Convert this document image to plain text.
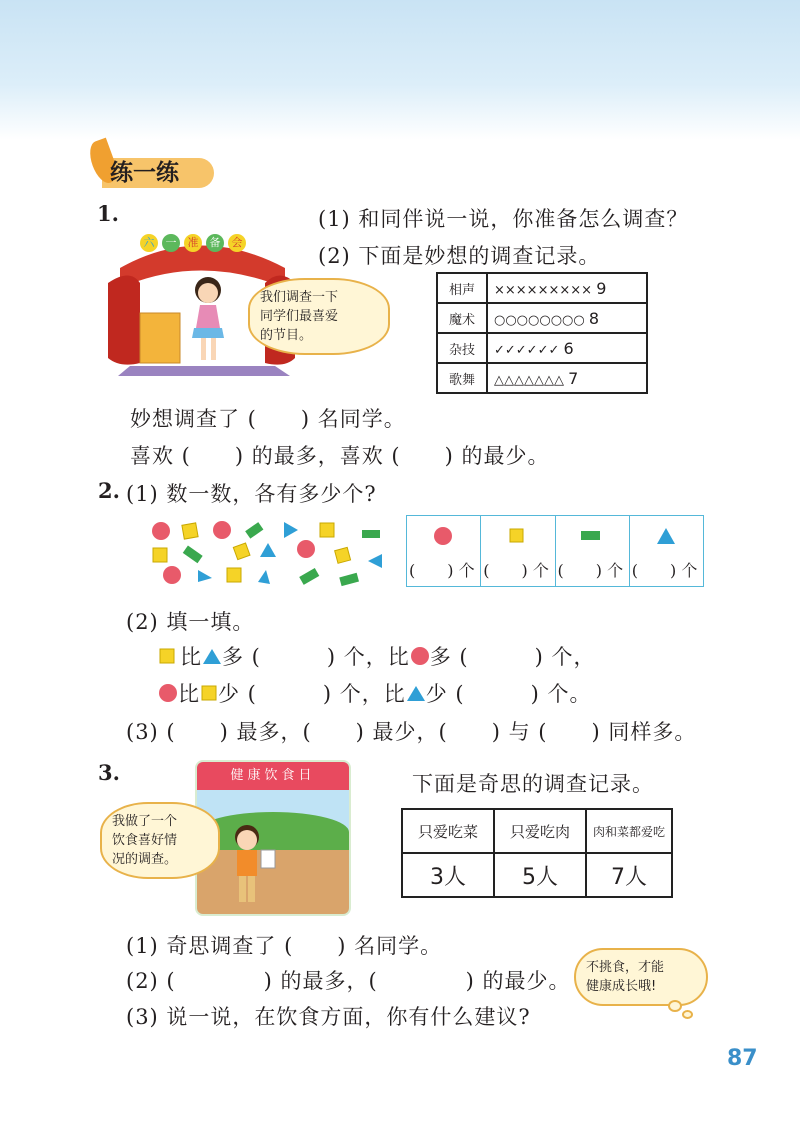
练一练
1.	(1) 和同伴说一说，你准备怎么调查？
(2) 下面是妙想的调查记录。
六	一	准	备	会
我们调查一下
同学们最喜爱
的节目。
相声	××××××××× 9
魔术	○○○○○○○○ 8
杂技	✓✓✓✓✓✓ 6
歌舞	△△△△△△△ 7
妙想调查了 (　　) 名同学。
喜欢 (　　) 的最多，喜欢 (　　) 的最少。
2. (1) 数一数，各有多少个?
(　　) 个 (　　) 个 (　　) 个 (　　) 个
(2) 填一填。
比 多 (　　　) 个，比 多 (　　　) 个，
比 少 (　　　) 个，比 少 (　　　) 个。
(3) (　　) 最多，(　　) 最少，(　　) 与 (　　) 同样多。
3.	健康饮食日
我做了一个
饮食喜好情
况的调查。
下面是奇思的调查记录。
只爱吃菜	只爱吃肉	肉和菜都爱吃
3人	5人	7人
(1) 奇思调查了 (　　) 名同学。
(2) (　　　　) 的最多，(　　　　) 的最少。
(3) 说一说，在饮食方面，你有什么建议?
不挑食，才能
健康成长哦!
87
